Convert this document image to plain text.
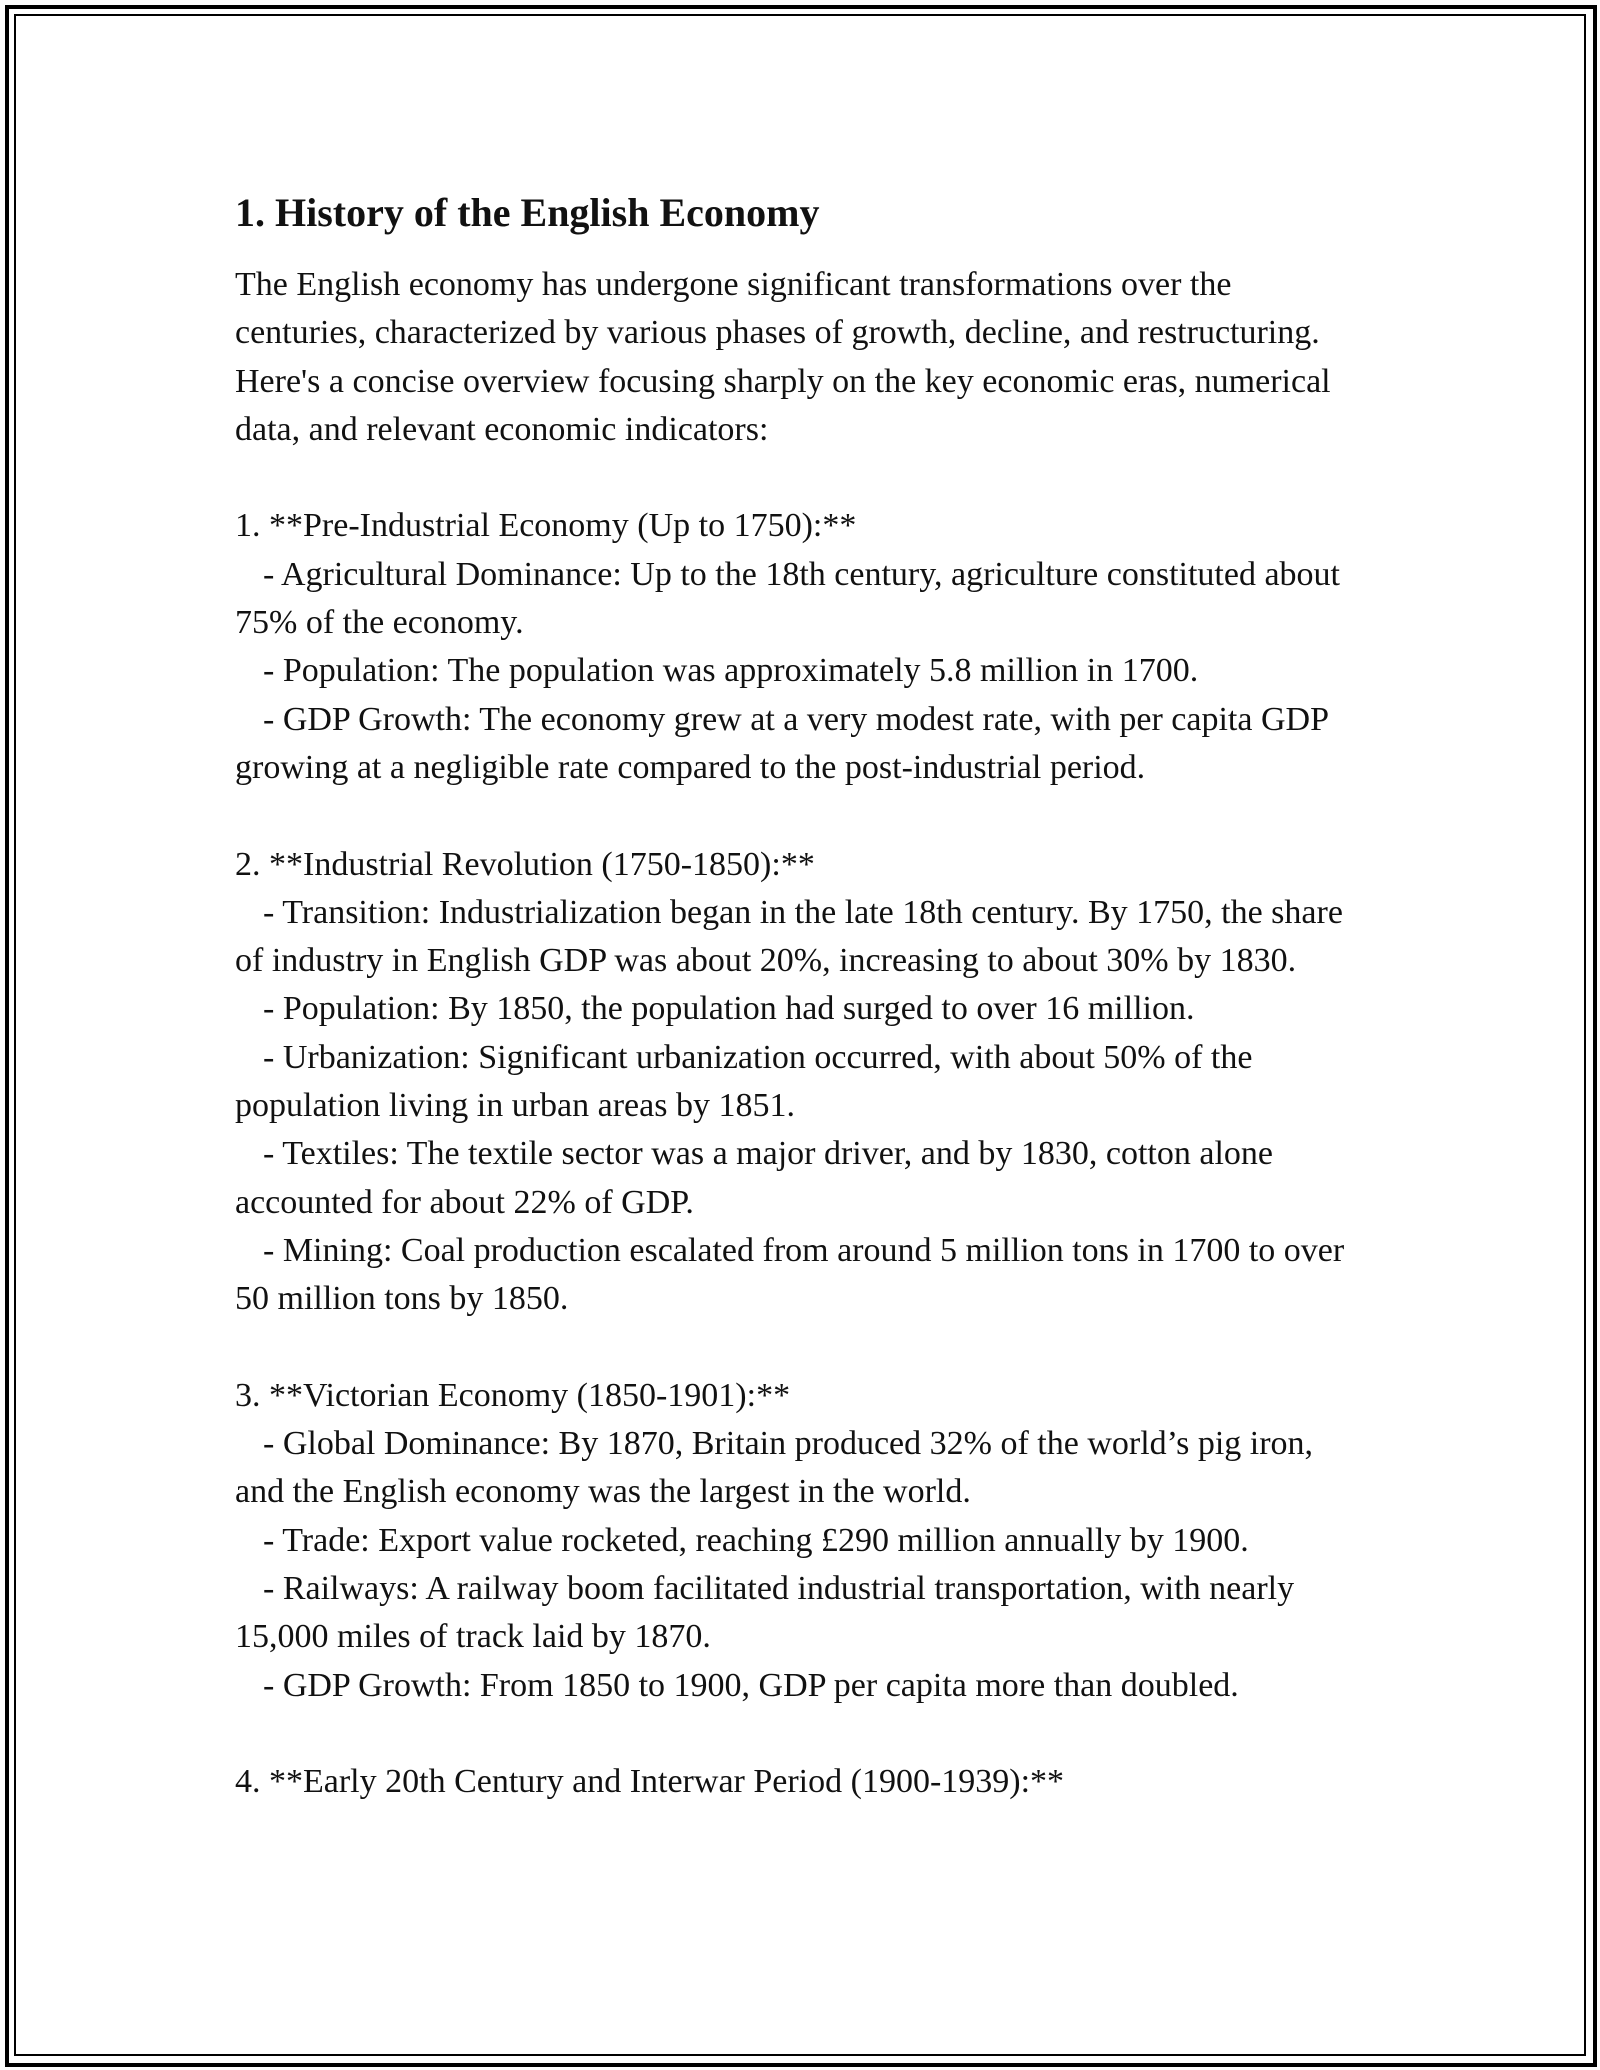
1. History of the English Economy

The English economy has undergone significant transformations over the centuries, characterized by various phases of growth, decline, and restructuring. Here's a concise overview focusing sharply on the key economic eras, numerical data, and relevant economic indicators:

1. **Pre-Industrial Economy (Up to 1750):**

- Agricultural Dominance: Up to the 18th century, agriculture constituted about 75% of the economy.

- Population: The population was approximately 5.8 million in 1700.

- GDP Growth: The economy grew at a very modest rate, with per capita GDP growing at a negligible rate compared to the post-industrial period.

2. **Industrial Revolution (1750-1850):**

- Transition: Industrialization began in the late 18th century. By 1750, the share of industry in English GDP was about 20%, increasing to about 30% by 1830.

- Population: By 1850, the population had surged to over 16 million.

- Urbanization: Significant urbanization occurred, with about 50% of the population living in urban areas by 1851.

- Textiles: The textile sector was a major driver, and by 1830, cotton alone accounted for about 22% of GDP.

- Mining: Coal production escalated from around 5 million tons in 1700 to over 50 million tons by 1850.

3. **Victorian Economy (1850-1901):**

- Global Dominance: By 1870, Britain produced 32% of the world’s pig iron, and the English economy was the largest in the world.

- Trade: Export value rocketed, reaching £290 million annually by 1900.

- Railways: A railway boom facilitated industrial transportation, with nearly 15,000 miles of track laid by 1870.

- GDP Growth: From 1850 to 1900, GDP per capita more than doubled.

4. **Early 20th Century and Interwar Period (1900-1939):**
